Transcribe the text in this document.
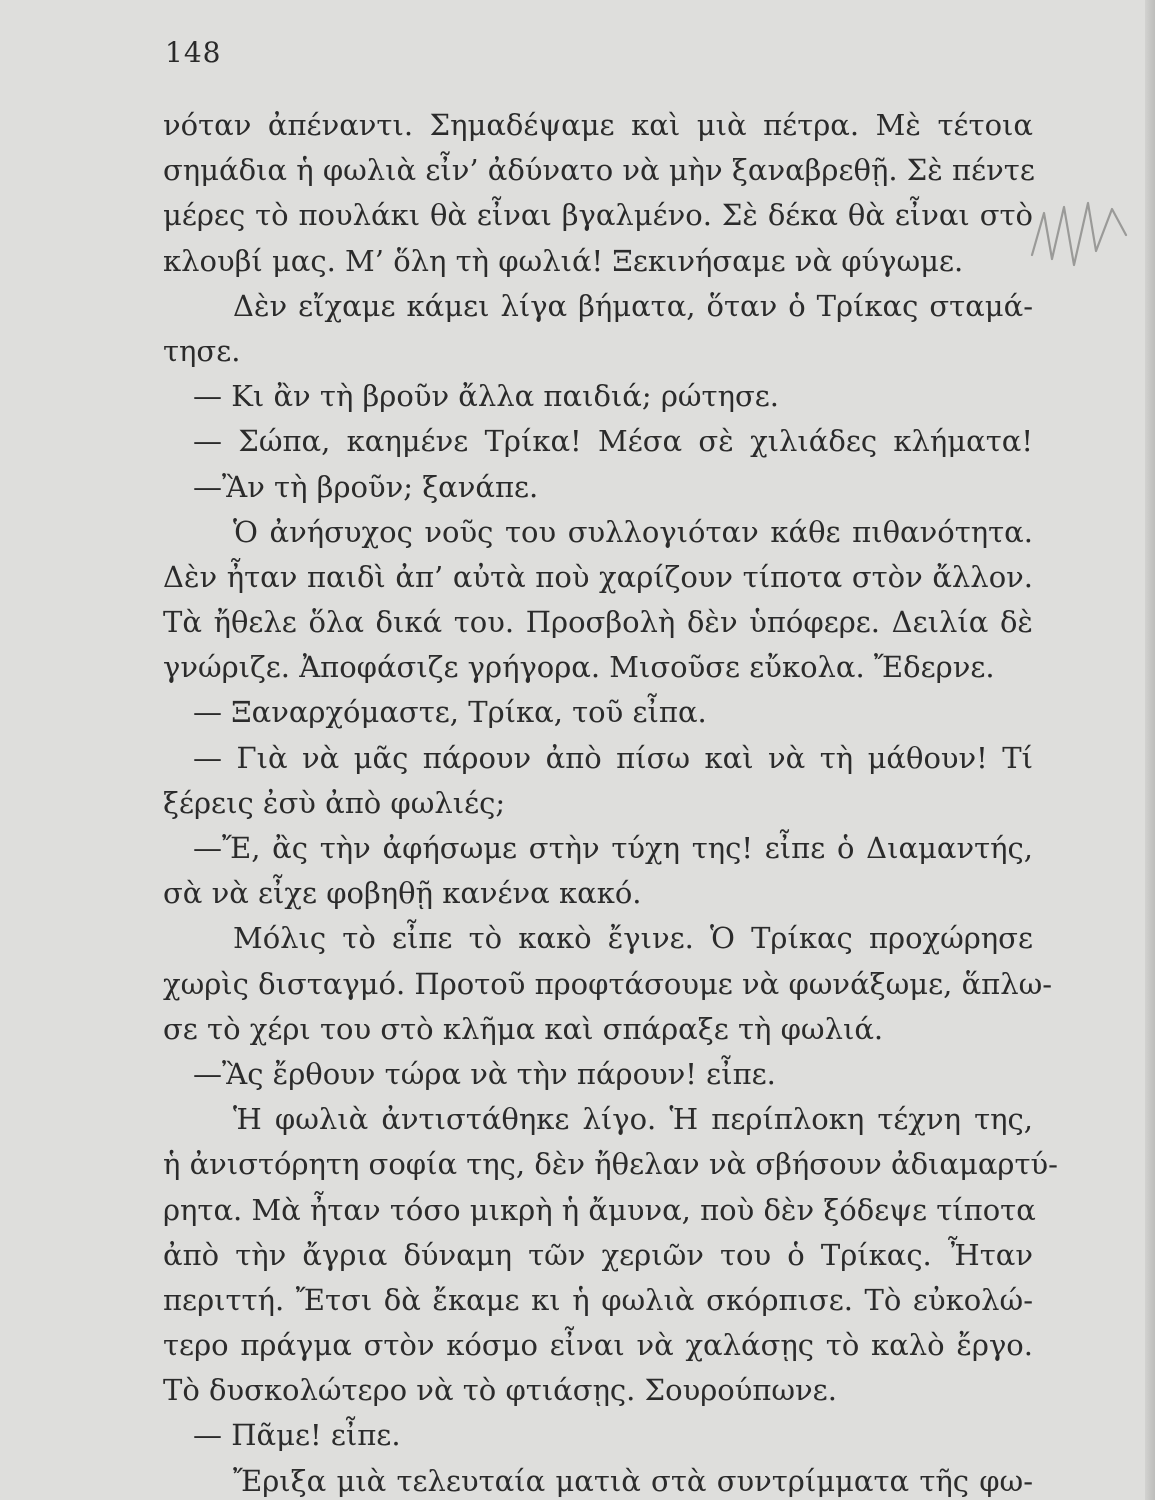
148
νόταν ἀπέναντι. Σημαδέψαμε καὶ μιὰ πέτρα. Μὲ τέτοια
σημάδια ἡ φωλιὰ εἶν’ ἀδύνατο νὰ μὴν ξαναβρεθῇ. Σὲ πέντε
μέρες τὸ πουλάκι θὰ εἶναι βγαλμένο. Σὲ δέκα θὰ εἶναι στὸ
κλουβί μας. Μ’ ὅλη τὴ φωλιά! Ξεκινήσαμε νὰ φύγωμε.
Δὲν εἴχαμε κάμει λίγα βήματα, ὅταν ὁ Τρίκας σταμά-
τησε.
— Κι ἂν τὴ βροῦν ἄλλα παιδιά; ρώτησε.
— Σώπα, καημένε Τρίκα! Μέσα σὲ χιλιάδες κλήματα!
—Ἂν τὴ βροῦν; ξανάπε.
Ὁ ἀνήσυχος νοῦς του συλλογιόταν κάθε πιθανότητα.
Δὲν ἦταν παιδὶ ἀπ’ αὐτὰ ποὺ χαρίζουν τίποτα στὸν ἄλλον.
Τὰ ἤθελε ὅλα δικά του. Προσβολὴ δὲν ὑπόφερε. Δειλία δὲ
γνώριζε. Ἀποφάσιζε γρήγορα. Μισοῦσε εὔκολα. Ἔδερνε.
— Ξαναρχόμαστε, Τρίκα, τοῦ εἶπα.
— Γιὰ νὰ μᾶς πάρουν ἀπὸ πίσω καὶ νὰ τὴ μάθουν! Τί
ξέρεις ἐσὺ ἀπὸ φωλιές;
—Ἔ, ἂς τὴν ἀφήσωμε στὴν τύχη της! εἶπε ὁ Διαμαντής,
σὰ νὰ εἶχε φοβηθῇ κανένα κακό.
Μόλις τὸ εἶπε τὸ κακὸ ἔγινε. Ὁ Τρίκας προχώρησε
χωρὶς δισταγμό. Προτοῦ προφτάσουμε νὰ φωνάξωμε, ἅπλω-
σε τὸ χέρι του στὸ κλῆμα καὶ σπάραξε τὴ φωλιά.
—Ἂς ἔρθουν τώρα νὰ τὴν πάρουν! εἶπε.
Ἡ φωλιὰ ἀντιστάθηκε λίγο. Ἡ περίπλοκη τέχνη της,
ἡ ἀνιστόρητη σοφία της, δὲν ἤθελαν νὰ σβήσουν ἀδιαμαρτύ-
ρητα. Μὰ ἦταν τόσο μικρὴ ἡ ἄμυνα, ποὺ δὲν ξόδεψε τίποτα
ἀπὸ τὴν ἄγρια δύναμη τῶν χεριῶν του ὁ Τρίκας. Ἦταν
περιττή. Ἔτσι δὰ ἔκαμε κι ἡ φωλιὰ σκόρπισε. Τὸ εὐκολώ-
τερο πράγμα στὸν κόσμο εἶναι νὰ χαλάσῃς τὸ καλὸ ἔργο.
Τὸ δυσκολώτερο νὰ τὸ φτιάσῃς. Σουρούπωνε.
— Πᾶμε! εἶπε.
Ἔριξα μιὰ τελευταία ματιὰ στὰ συντρίμματα τῆς φω-
